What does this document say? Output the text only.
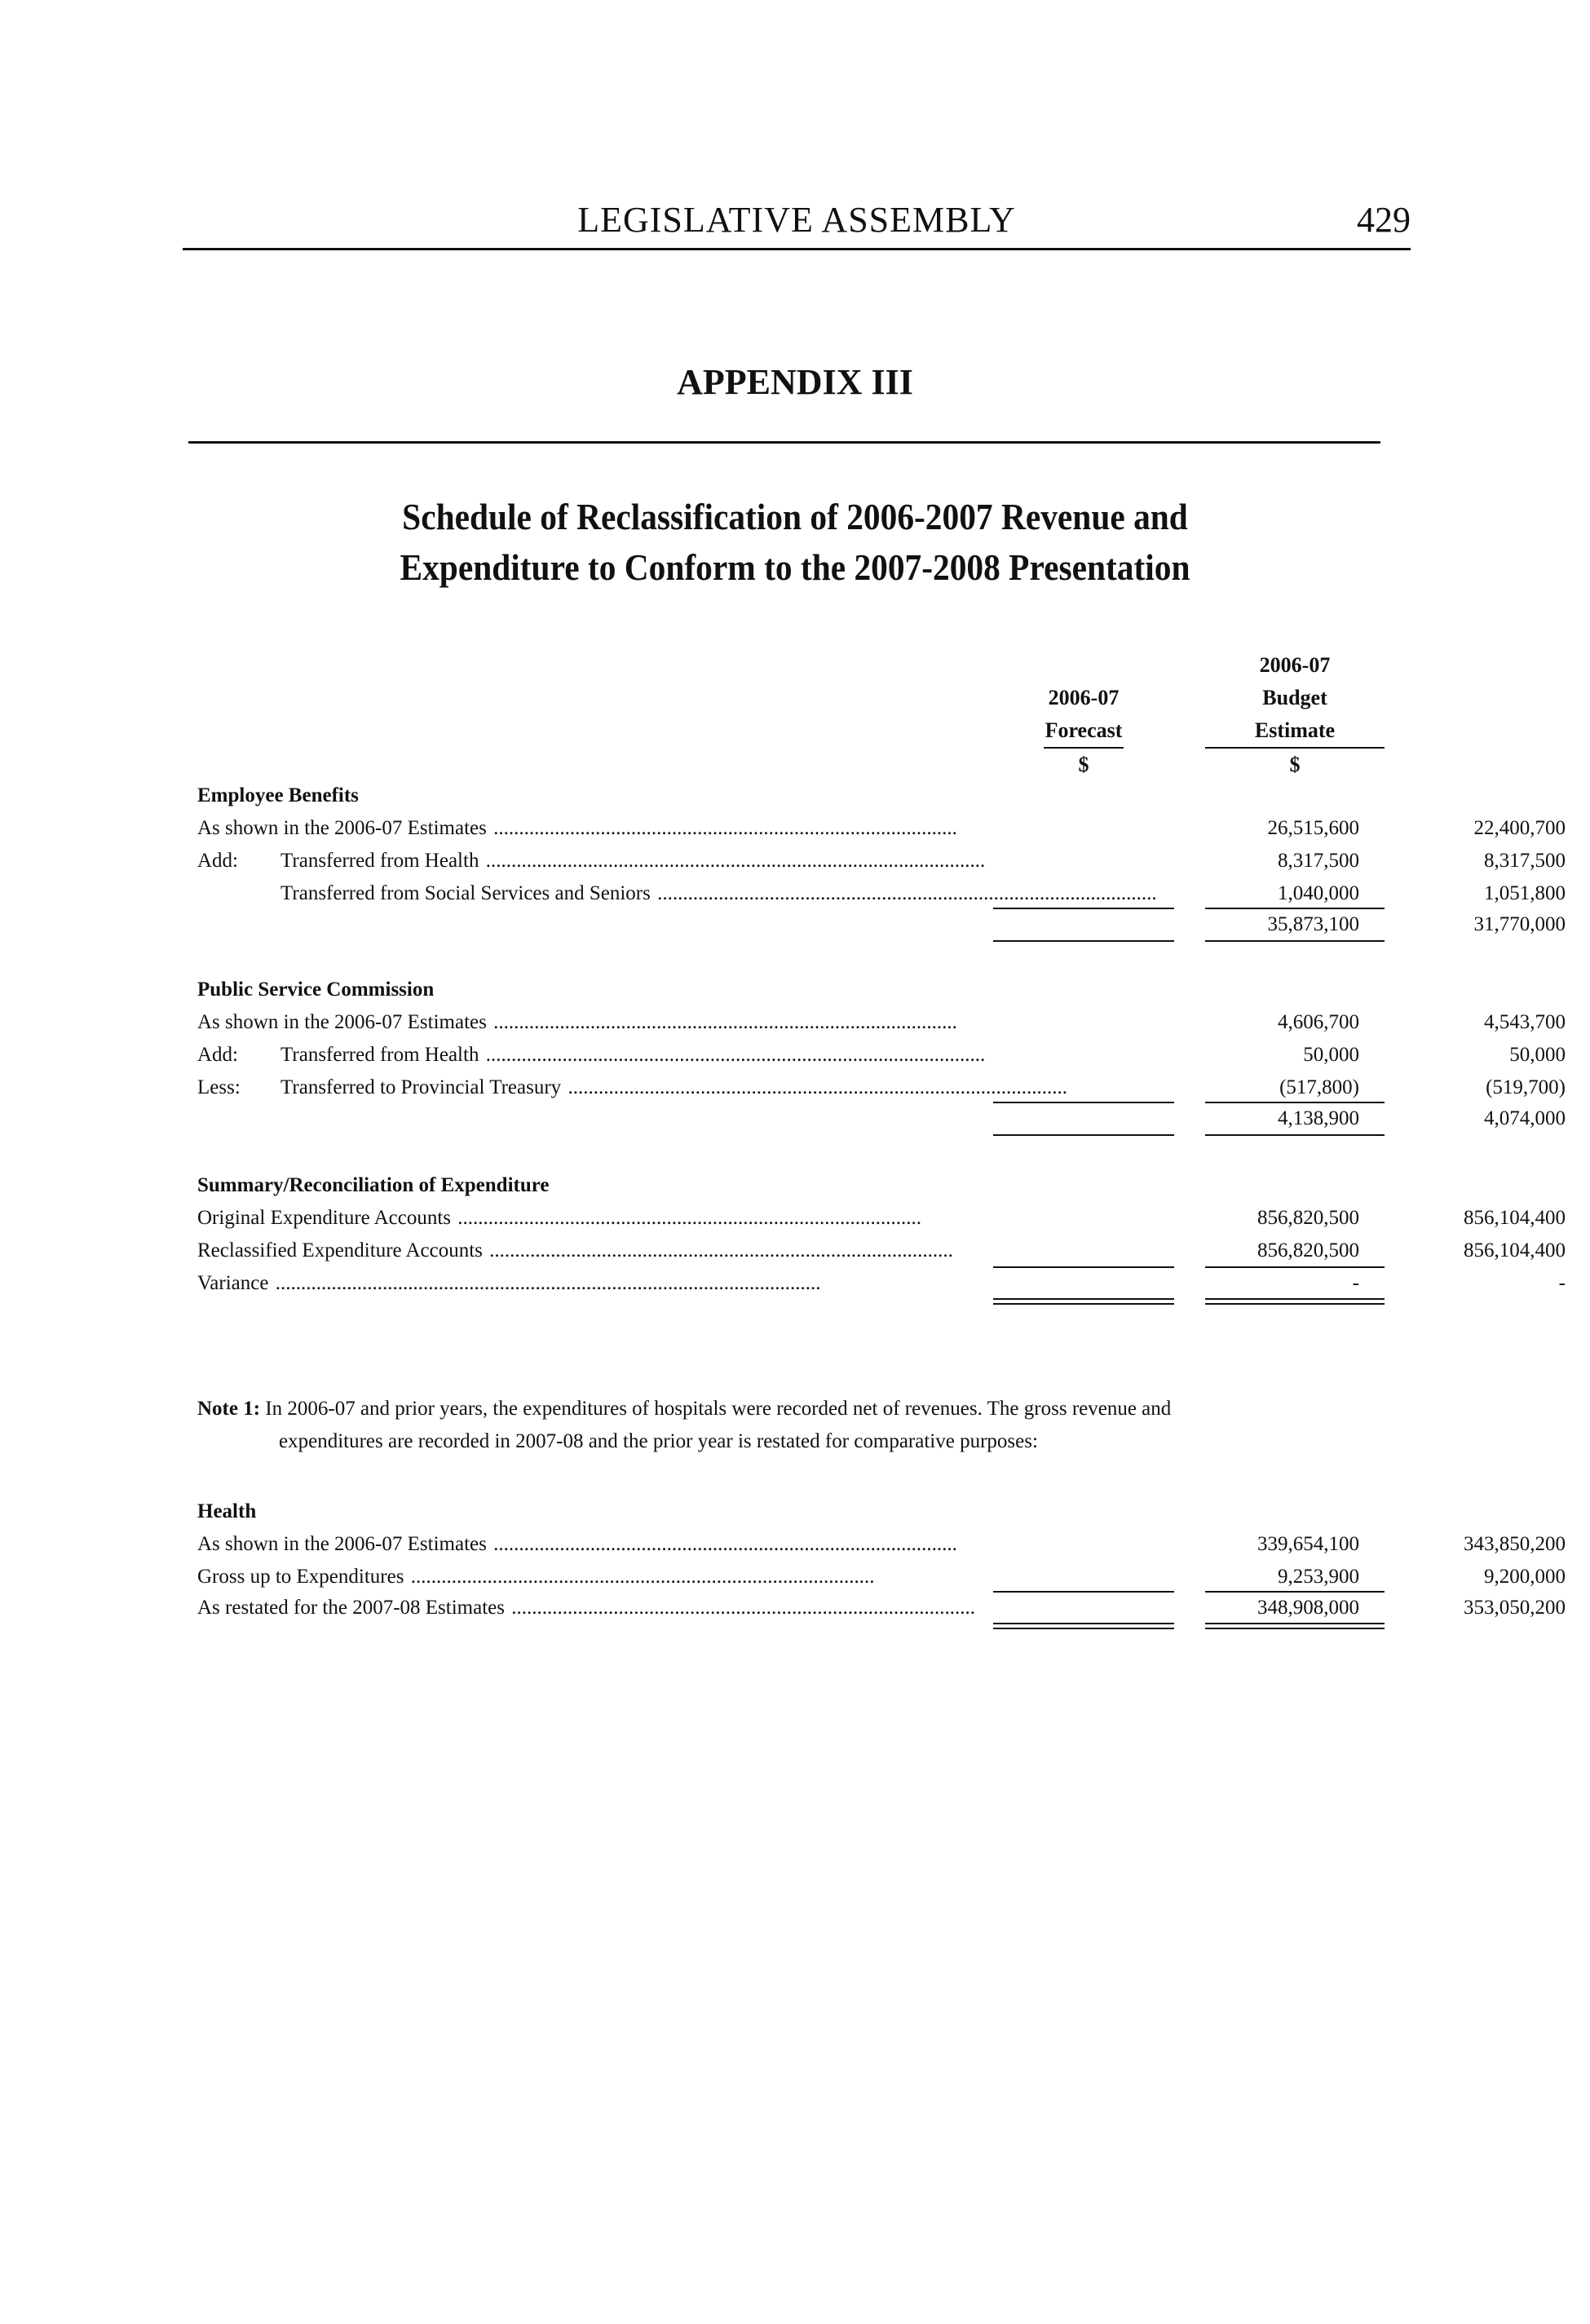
LEGISLATIVE ASSEMBLY	429
APPENDIX III
Schedule of Reclassification of 2006-2007 Revenue and
Expenditure to Conform to the 2007-2008 Presentation
2006-07
Forecast
$
2006-07
Budget
Estimate
$
Employee Benefits
As shown in the 2006-07 Estimates ...........................................................................................	26,515,600	22,400,700
Add: Transferred from Health ..................................................................................................	8,317,500	8,317,500
Transferred from Social Services and Seniors ..................................................................................................	1,040,000	1,051,800
35,873,100	31,770,000
Public Service Commission
As shown in the 2006-07 Estimates ...........................................................................................	4,606,700	4,543,700
Add: Transferred from Health ..................................................................................................	50,000	50,000
Less: Transferred to Provincial Treasury ..................................................................................................	(517,800)	(519,700)
4,138,900	4,074,000
Summary/Reconciliation of Expenditure
Original Expenditure Accounts ...........................................................................................	856,820,500	856,104,400
Reclassified Expenditure Accounts ...........................................................................................	856,820,500	856,104,400
Variance ...........................................................................................................	-	-
Note 1: In 2006-07 and prior years, the expenditures of hospitals were recorded net of revenues. The gross revenue and
expenditures are recorded in 2007-08 and the prior year is restated for comparative purposes:
Health
As shown in the 2006-07 Estimates ...........................................................................................	339,654,100	343,850,200
Gross up to Expenditures ...........................................................................................	9,253,900	9,200,000
As restated for the 2007-08 Estimates ...........................................................................................	348,908,000	353,050,200
